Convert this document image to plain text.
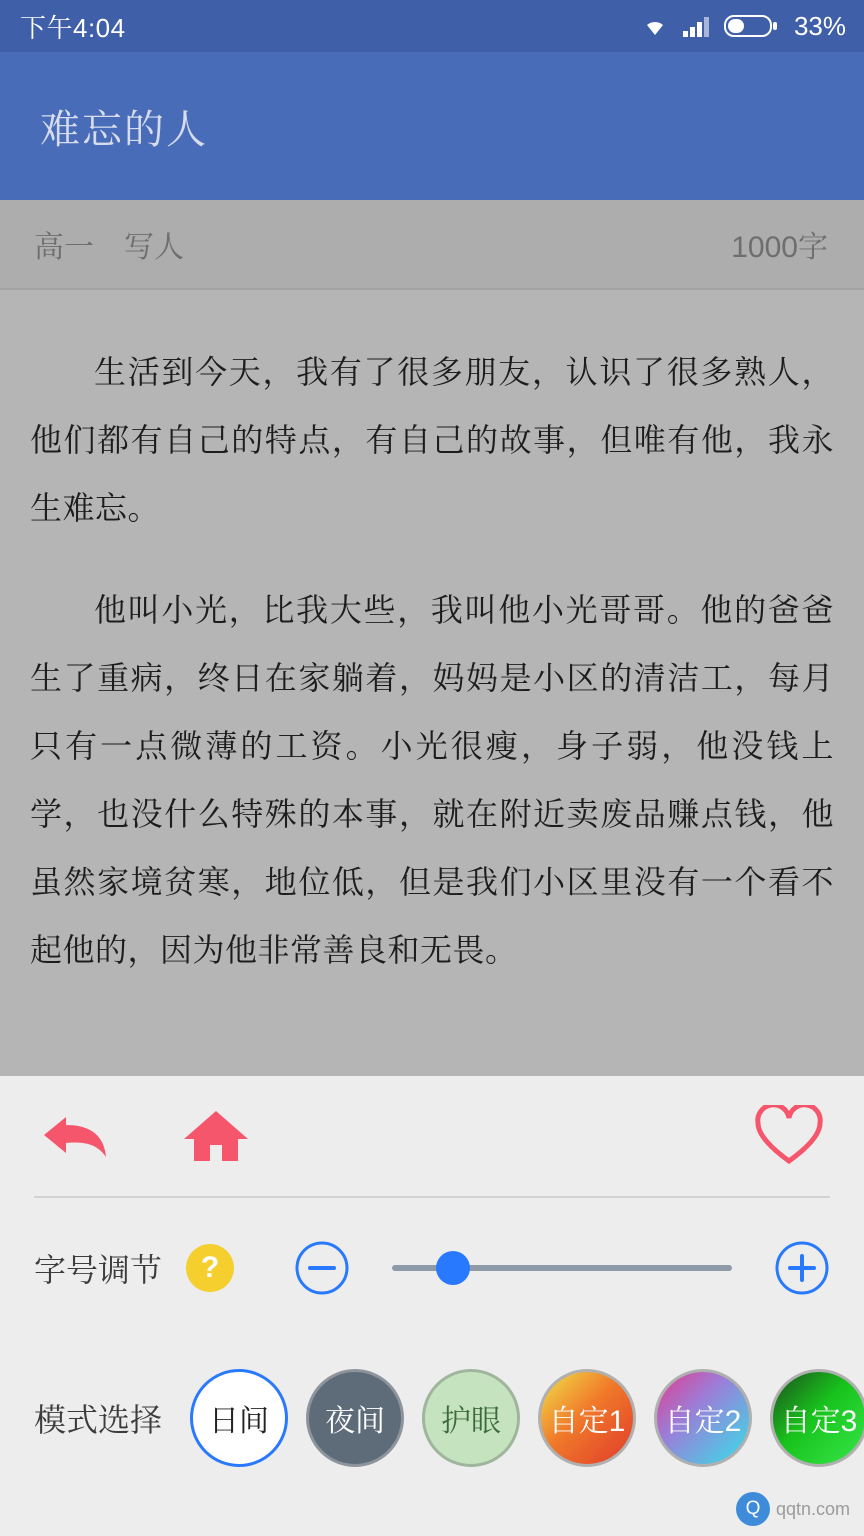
下午4:04	33%
难忘的人
高一 写人	1000字

生活到今天，我有了很多朋友，认识了很多熟人，他们都有自己的特点，有自己的故事，但唯有他，我永生难忘。

他叫小光，比我大些，我叫他小光哥哥。他的爸爸生了重病，终日在家躺着，妈妈是小区的清洁工，每月只有一点微薄的工资。小光很瘦，身子弱，他没钱上学，也没什么特殊的本事，就在附近卖废品赚点钱，他虽然家境贫寒，地位低，但是我们小区里没有一个看不起他的，因为他非常善良和无畏。

字号调节	?
模式选择	日间	夜间	护眼	自定1	自定2	自定3
Q qqtn.com
